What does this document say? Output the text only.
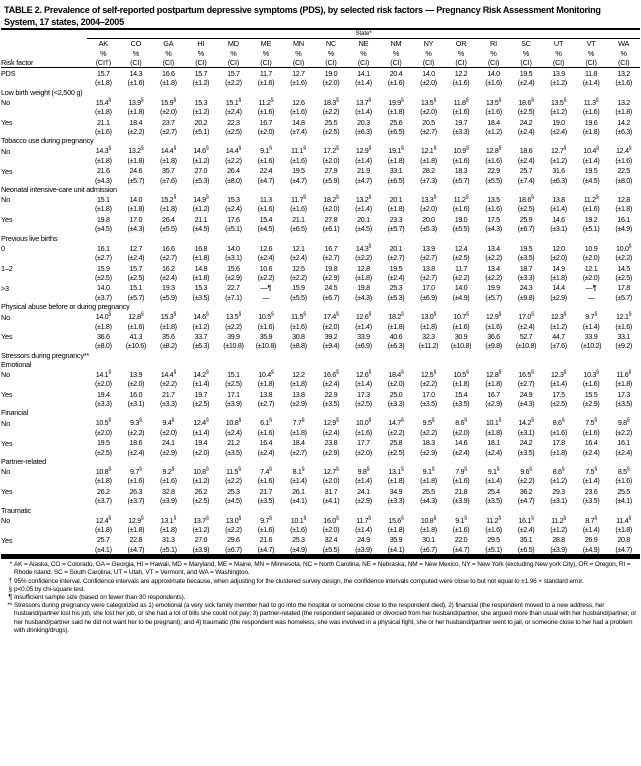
TABLE 2. Prevalence of self-reported postpartum depressive symptoms (PDS), by selected risk factors — Pregnancy Risk Assessment Monitoring System, 17 states, 2004–2005

	State*																

	AK	CO	GA	HI	MD	ME	MN	NC	NE	NM	NY	OR	RI	SC	UT	VT	WA
	%	%	%	%	%	%	%	%	%	%	%	%	%	%	%	%	%
Risk factor	(CI†)	(CI)	(CI)	(CI)	(CI)	(CI)	(CI)	(CI)	(CI)	(CI)	(CI)	(CI)	(CI)	(CI)	(CI)	(CI)	(CI)

PDS	15.7	14.3	16.6	15.7	15.7	11.7	12.7	19.0	14.1	20.4	14.0	12.2	14.0	19.5	13.9	11.8	13.2
	(±1.8)	(±1.6)	(±1.8)	(±1.2)	(±2.2)	(±1.6)	(±1.6)	(±2.0)	(±1.4)	(±1.6)	(±2.0)	(±1.6)	(±1.6)	(±2.4)	(±1.2)	(±1.4)	(±1.6)
Low birth weight (<2,500 g)																	
No	15.4§	13.9§	15.9§	15.3	15.1§	11.2§	12.6	18.3§	13.7§	19.9§	13.5§	11.8§	13.5§	18.6§	13.5§	11.3§	13.2
	(±1.8)	(±1.8)	(±2.0)	(±1.2)	(±2.4)	(±1.6)	(±1.6)	(±2.2)	(±1.4)	(±1.8)	(±2.0)	(±1.6)	(±1.6)	(±2.5)	(±1.2)	(±1.6)	(±1.8)
Yes	21.1	18.4	23.7	20.2	22.3	16.7	14.8	25.5	20.3	25.6	20.5	19.7	18.4	24.2	19.0	19.6	14.2
	(±1.6)	(±2.2)	(±2.7)	(±5.1)	(±2.5)	(±2.0)	(±7.4)	(±2.5)	(±6.3)	(±6.5)	(±2.7)	(±3.3)	(±1.2)	(±2.4)	(±2.4)	(±1.8)	(±6.3)
Tobacco use during pregnancy																	
No	14.3§	13.2§	14.4§	14.6§	14.4§	9.1§	11.1§	17.2§	12.9§	19.1§	12.1§	10.9§	12.8§	18.6	12.7§	10.4§	12.4§
	(±1.8)	(±1.8)	(±1.8)	(±1.2)	(±2.2)	(±1.6)	(±1.6)	(±2.0)	(±1.4)	(±1.8)	(±1.8)	(±1.6)	(±1.6)	(±2.4)	(±1.2)	(±1.4)	(±1.6)
Yes	21.6	24.6	35.7	27.0	26.4	22.4	19.5	27.9	21.9	33.1	28.2	18.3	22.9	25.7	31.6	19.5	22.5
	(±4.3)	(±5.7)	(±7.6)	(±5.3)	(±8.0)	(±4.7)	(±4.7)	(±5.9)	(±4.7)	(±6.5)	(±7.3)	(±5.7)	(±5.5)	(±7.4)	(±6.3)	(±4.5)	(±8.0)
Neonatal intensive-care unit admission																	
No	15.1	14.0	15.2§	14.9§	15.3	11.3	11.7§	18.2§	13.2§	20.1	13.3§	11.2§	13.5	18.6§	13.8	11.2§	12.8
	(±1.8)	(±1.8)	(±1.8)	(±1.2)	(±2.4)	(±1.6)	(±1.6)	(±2.0)	(±1.4)	(±1.8)	(±2.0)	(±1.6)	(±1.6)	(±2.5)	(±1.4)	(±1.6)	(±1.8)
Yes	19.8	17.0	26.4	21.1	17.6	15.4	21.1	27.8	20.1	23.3	20.0	19.0	17.5	25.9	14.6	19.2	16.1
	(±4.5)	(±4.3)	(±5.5)	(±4.5)	(±5.1)	(±4.5)	(±6.5)	(±6.1)	(±4.5)	(±5.7)	(±5.3)	(±5.5)	(±4.3)	(±6.7)	(±3.1)	(±5.1)	(±4.9)
Previous live births																	
0	16.1	12.7	16.6	16.8	14.0	12.6	12.1	16.7	14.3§	20.1	13.9	12.4	13.4	19.5	12.0	10.9	10.0§
	(±2.7)	(±2.4)	(±2.7)	(±1.8)	(±3.1)	(±2.4)	(±2.4)	(±2.7)	(±2.2)	(±2.7)	(±2.7)	(±2.5)	(±2.2)	(±3.5)	(±2.0)	(±2.0)	(±2.2)
1–2	15.9	15.7	16.2	14.8	15.6	10.6	12.5	19.8	12.8	19.5	13.8	11.7	13.4	18.7	14.9	12.1	14.5
	(±2.5)	(±2.5)	(±2.4)	(±1.8)	(±2.9)	(±2.2)	(±2.2)	(±2.9)	(±1.8)	(±2.4)	(±2.7)	(±2.2)	(±2.2)	(±3.3)	(±1.8)	(±2.0)	(±2.5)
>3	14.0	15.1	19.3	15.3	22.7	—¶	15.9	24.5	19.8	25.3	17.0	14.0	19.9	24.3	14.4	—¶	17.8
	(±3.7)	(±5.7)	(±5.9)	(±3.5)	(±7.1)	—	(±5.5)	(±6.7)	(±4.3)	(±5.3)	(±6.9)	(±4.9)	(±5.7)	(±9.8)	(±2.9)	—	(±5.7)
Physical abuse before or during pregnancy																	
No	14.0§	12.8§	15.3§	14.6§	13.5§	10.5§	11.5§	17.4§	12.6§	18.2§	13.0§	10.7§	12.9§	17.0§	12.3§	9.7§	12.1§
	(±1.8)	(±1.6)	(±1.8)	(±1.2)	(±2.2)	(±1.6)	(±1.6)	(±2.0)	(±1.4)	(±1.8)	(±1.8)	(±1.6)	(±1.6)	(±2.4)	(±1.2)	(±1.4)	(±1.6)
Yes	36.6	41.3	35.6	33.7	39.9	35.9	30.8	39.2	33.9	40.6	32.3	30.9	36.6	52.7	44.7	33.9	33.1
	(±8.0)	(±10.6)	(±8.2)	(±6.3)	(±10.8)	(±10.8)	(±8.8)	(±9.4)	(±6.9)	(±6.3)	(±11.2)	(±10.8)	(±9.8)	(±10.8)	(±7.6)	(±10.2)	(±9.2)
Stressors during pregnancy**																	
Emotional																	
No	14.1§	13.9	14.4§	14.2§	15.1	10.4§	12.2	16.6§	12.6§	18.4§	12.5§	10.5§	12.8§	16.5§	12.3§	10.3§	11.6§
	(±2.0)	(±2.0)	(±2.2)	(±1.4)	(±2.5)	(±1.8)	(±1.8)	(±2.4)	(±1.4)	(±2.0)	(±2.2)	(±1.8)	(±1.8)	(±2.7)	(±1.4)	(±1.6)	(±1.8)
Yes	19.4	16.0	21.7	19.7	17.1	13.8	13.8	22.9	17.3	25.0	17.0	15.4	16.7	24.9	17.5	15.5	17.3
	(±3.3)	(±3.1)	(±3.3)	(±2.5)	(±3.9)	(±2.7)	(±2.9)	(±3.5)	(±2.5)	(±3.3)	(±3.5)	(±3.5)	(±2.9)	(±4.3)	(±2.5)	(±2.9)	(±3.5)
Financial																	
No	10.5§	9.3§	9.4§	12.4§	10.8§	6.1§	7.7§	12.9§	10.0§	14.7§	9.5§	8.6§	10.1§	14.2§	8.6§	7.5§	9.8§
	(±2.0)	(±2.2)	(±2.0)	(±1.4)	(±2.4)	(±1.6)	(±1.8)	(±2.4)	(±1.6)	(±2.2)	(±2.2)	(±2.0)	(±1.8)	(±3.1)	(±1.6)	(±1.6)	(±2.2)
Yes	19.5	18.6	24.1	19.4	21.2	16.4	18.4	23.8	17.7	25.8	18.3	14.6	18.1	24.2	17.8	16.4	16.1
	(±2.5)	(±2.4)	(±2.9)	(±2.0)	(±3.5)	(±2.4)	(±2.7)	(±2.9)	(±2.0)	(±2.5)	(±2.9)	(±2.4)	(±2.4)	(±3.5)	(±1.8)	(±2.4)	(±2.4)
Partner-related																	
No	10.8§	9.7§	9.2§	10.8§	11.5§	7.4§	8.1§	12.7§	9.8§	13.1§	9.1§	7.9§	9.1§	9.6§	8.6§	7.5§	8.5§
	(±1.8)	(±1.6)	(±1.6)	(±1.2)	(±2.2)	(±1.6)	(±1.4)	(±2.0)	(±1.4)	(±1.8)	(±1.8)	(±1.6)	(±1.4)	(±2.2)	(±1.2)	(±1.4)	(±1.6)
Yes	26.2	26.3	32.8	26.2	25.3	21.7	26.1	31.7	24.1	34.9	25.5	21.8	25.4	36.2	29.3	23.6	25.5
	(±3.7)	(±3.7)	(±3.9)	(±2.5)	(±4.5)	(±3.5)	(±4.1)	(±4.1)	(±2.9)	(±3.3)	(±4.3)	(±3.9)	(±3.5)	(±4.7)	(±3.1)	(±3.5)	(±4.1)
Traumatic																	
No	12.4§	12.9§	13.1§	13.7§	13.0§	9.7§	10.1§	16.0§	11.7§	15.6§	10.8§	9.1§	11.2§	16.1§	11.2§	8.7§	11.4§
	(±1.8)	(±1.8)	(±1.8)	(±1.2)	(±2.2)	(±1.6)	(±1.6)	(±2.0)	(±1.4)	(±1.8)	(±1.8)	(±1.6)	(±1.6)	(±2.4)	(±1.2)	(±1.4)	(±1.8)
Yes	25.7	22.8	31.3	27.0	29.6	21.6	25.3	32.4	24.9	35.9	30.1	22.0	29.5	35.1	28.8	26.9	20.8
	(±4.1)	(±4.7)	(±5.1)	(±3.9)	(±6.7)	(±4.7)	(±4.9)	(±5.5)	(±3.9)	(±4.1)	(±6.7)	(±4.7)	(±5.1)	(±6.5)	(±3.9)	(±4.9)	(±4.7)

* AK = Alaska, CO = Colorado, GA = Georgia, HI = Hawaii, MD = Maryland, ME = Maine, MN = Minnesota, NC = North Carolina, NE = Nebraska, NM = New Mexico, NY = New York (excluding New york City), OR = Oregon, RI = Rhode Island, SC = South Carolina, UT = Utah, VT = Vermont, and WA = Washington.
† 95% confidence interval. Confidence intervals are approximate because, when adjusting for the clustered survey design, the confidence intervals computed were close to but not equal to ±1.96 × standard error.
§ p<0.05 by chi-square test.
¶ Insufficient sample size (based on fewer than 30 respondents).
** Stressors during pregnancy were categorized as 1) emotional (a very sick family member had to go into the hospital or someone close to the respondent died), 2) financial (the respondent moved to a new address, her husband/partner lost his job, she lost her job, or she had a lot of bills she could not pay; 3) partner-related (the respondent separated or divorced from her husband/partner, she argued more than usual with her husband/partner, or her husband/partner said he did not want her to be pregnant); and 4) traumatic (the respondent was homeless, she was involved in a physical fight, she or her husband/partner went to jail, or someone close to her had a problem with drinking/drugs).
